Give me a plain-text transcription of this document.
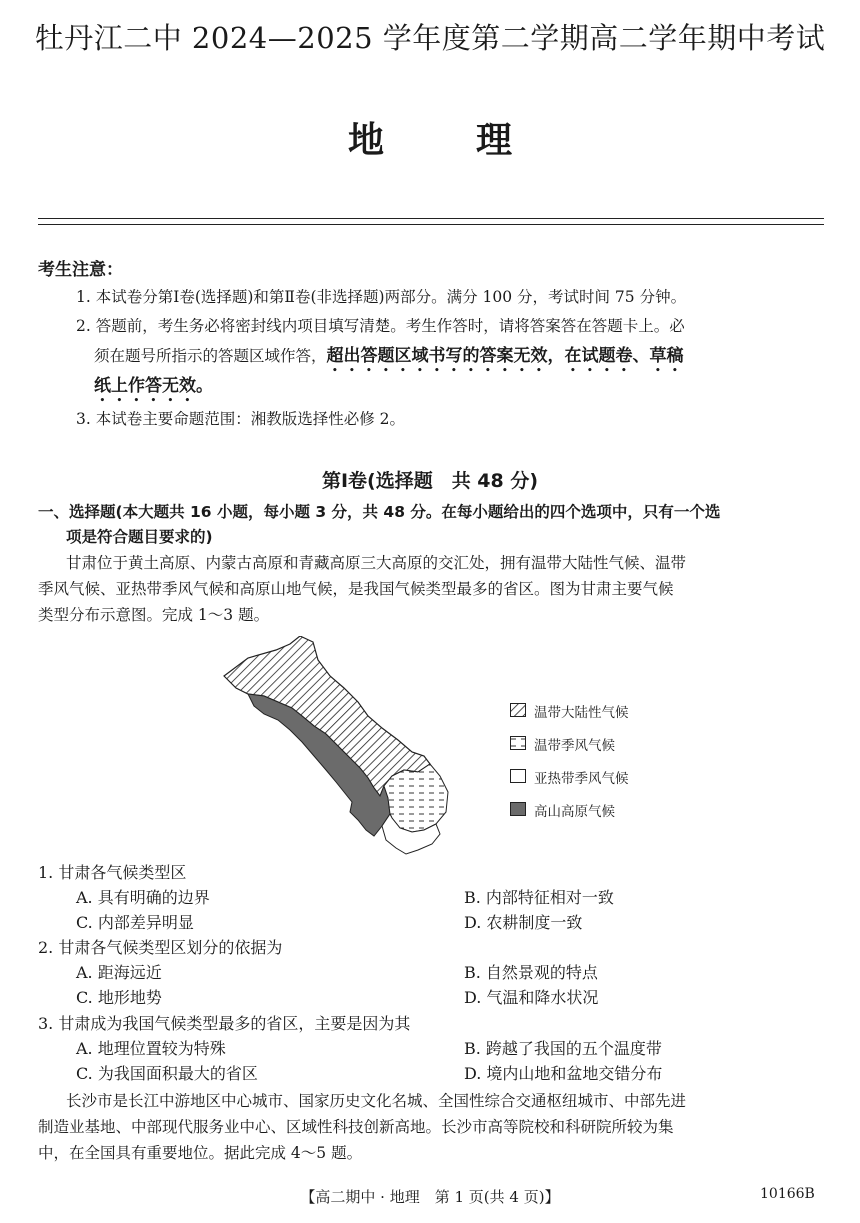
牡丹江二中 2024—2025 学年度第二学期高二学年期中考试
地理
考生注意：
1. 本试卷分第Ⅰ卷(选择题)和第Ⅱ卷(非选择题)两部分。满分 100 分，考试时间 75 分钟。
2. 答题前，考生务必将密封线内项目填写清楚。考生作答时，请将答案答在答题卡上。必
须在题号所指示的答题区域作答，超出答题区域书写的答案无效，在试题卷、草稿
纸上作答无效。
3. 本试卷主要命题范围：湘教版选择性必修 2。
第Ⅰ卷(选择题　共 48 分)
一、选择题(本大题共 16 小题，每小题 3 分，共 48 分。在每小题给出的四个选项中，只有一个选
项是符合题目要求的)
甘肃位于黄土高原、内蒙古高原和青藏高原三大高原的交汇处，拥有温带大陆性气候、温带
季风气候、亚热带季风气候和高原山地气候，是我国气候类型最多的省区。图为甘肃主要气候
类型分布示意图。完成 1～3 题。
温带大陆性气候
温带季风气候
亚热带季风气候
高山高原气候
1. 甘肃各气候类型区
A. 具有明确的边界	B. 内部特征相对一致
C. 内部差异明显	D. 农耕制度一致
2. 甘肃各气候类型区划分的依据为
A. 距海远近	B. 自然景观的特点
C. 地形地势	D. 气温和降水状况
3. 甘肃成为我国气候类型最多的省区，主要是因为其
A. 地理位置较为特殊	B. 跨越了我国的五个温度带
C. 为我国面积最大的省区	D. 境内山地和盆地交错分布
长沙市是长江中游地区中心城市、国家历史文化名城、全国性综合交通枢纽城市、中部先进
制造业基地、中部现代服务业中心、区域性科技创新高地。长沙市高等院校和科研院所较为集
中，在全国具有重要地位。据此完成 4～5 题。
【高二期中 · 地理　第 1 页(共 4 页)】	10166B
